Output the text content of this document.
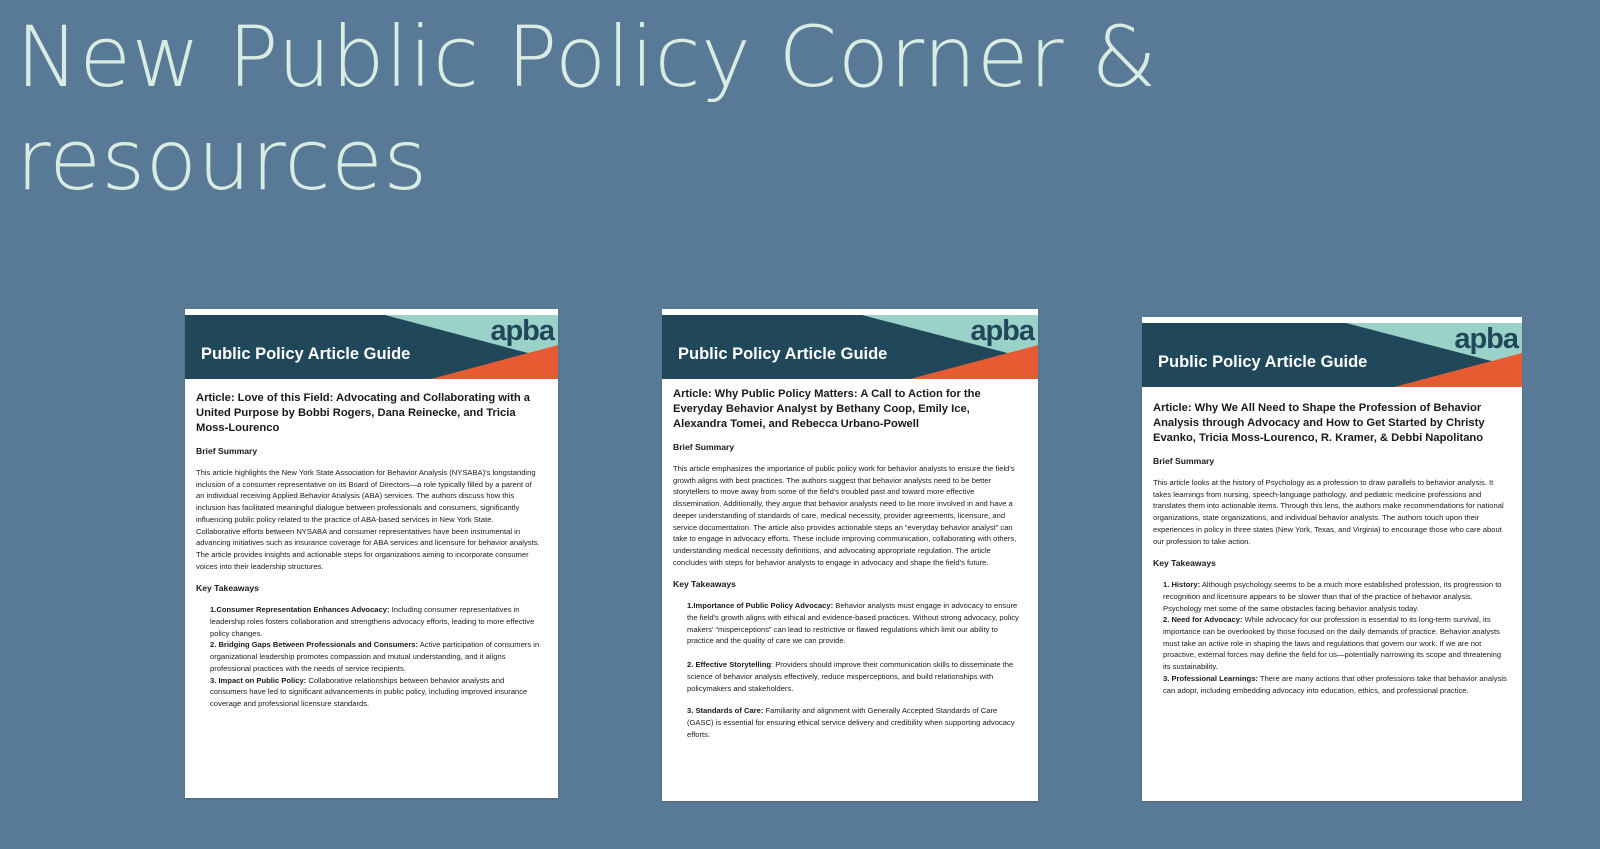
New Public Policy Corner & resources
Public Policy Article Guide
apba

Article: Love of this Field: Advocating and Collaborating with a United Purpose by Bobbi Rogers, Dana Reinecke, and Tricia Moss-Lourenco

Brief Summary

This article highlights the New York State Association for Behavior Analysis (NYSABA)'s longstanding inclusion of a consumer representative on its Board of Directors—a role typically filled by a parent of an individual receiving Applied Behavior Analysis (ABA) services. The authors discuss how this inclusion has facilitated meaningful dialogue between professionals and consumers, significantly influencing public policy related to the practice of ABA-based services in New York State. Collaborative efforts between NYSABA and consumer representatives have been instrumental in advancing initiatives such as insurance coverage for ABA services and licensure for behavior analysts. The article provides insights and actionable steps for organizations aiming to incorporate consumer voices into their leadership structures.

Key Takeaways

1.Consumer Representation Enhances Advocacy: Including consumer representatives in leadership roles fosters collaboration and strengthens advocacy efforts, leading to more effective policy changes.
2. Bridging Gaps Between Professionals and Consumers: Active participation of consumers in organizational leadership promotes compassion and mutual understanding, and it aligns professional practices with the needs of service recipients.
3. Impact on Public Policy: Collaborative relationships between behavior analysts and consumers have led to significant advancements in public policy, including improved insurance coverage and professional licensure standards.
Public Policy Article Guide
apba

Article: Why Public Policy Matters: A Call to Action for the Everyday Behavior Analyst by Bethany Coop, Emily Ice, Alexandra Tomei, and Rebecca Urbano-Powell

Brief Summary

This article emphasizes the importance of public policy work for behavior analysts to ensure the field's growth aligns with best practices. The authors suggest that behavior analysts need to be better storytellers to move away from some of the field's troubled past and toward more effective dissemination. Additionally, they argue that behavior analysts need to be more involved in and have a deeper understanding of standards of care, medical necessity, provider agreements, licensure, and service documentation. The article also provides actionable steps an “everyday behavior analyst” can take to engage in advocacy efforts. These include improving communication, collaborating with others, understanding medical necessity definitions, and advocating appropriate regulation. The article concludes with steps for behavior analysts to engage in advocacy and shape the field's future.

Key Takeaways

1.Importance of Public Policy Advocacy: Behavior analysts must engage in advocacy to ensure the field's growth aligns with ethical and evidence-based practices. Without strong advocacy, policy makers' “misperceptions” can lead to restrictive or flawed regulations which limit our ability to practice and the quality of care we can provide.
2. Effective Storytelling: Providers should improve their communication skills to disseminate the science of behavior analysis effectively, reduce misperceptions, and build relationships with policymakers and stakeholders.
3. Standards of Care: Familiarity and alignment with Generally Accepted Standards of Care (GASC) is essential for ensuring ethical service delivery and credibility when supporting advocacy efforts.
Public Policy Article Guide
apba

Article: Why We All Need to Shape the Profession of Behavior Analysis through Advocacy and How to Get Started by Christy Evanko, Tricia Moss-Lourenco, R. Kramer, & Debbi Napolitano

Brief Summary

This article looks at the history of Psychology as a profession to draw parallels to behavior analysis. It takes learnings from nursing, speech-language pathology, and pediatric medicine professions and translates them into actionable items. Through this lens, the authors make recommendations for national organizations, state organizations, and individual behavior analysts. The authors touch upon their experiences in policy in three states (New York, Texas, and Virginia) to encourage those who care about our profession to take action.

Key Takeaways

1. History: Although psychology seems to be a much more established profession, its progression to recognition and licensure appears to be slower than that of the practice of behavior analysis. Psychology met some of the same obstacles facing behavior analysis today.
2. Need for Advocacy: While advocacy for our profession is essential to its long-term survival, its importance can be overlooked by those focused on the daily demands of practice. Behavior analysts must take an active role in shaping the laws and regulations that govern our work. If we are not proactive, external forces may define the field for us—potentially narrowing its scope and threatening its sustainability.
3. Professional Learnings: There are many actions that other professions take that behavior analysis can adopt, including embedding advocacy into education, ethics, and professional practice.
